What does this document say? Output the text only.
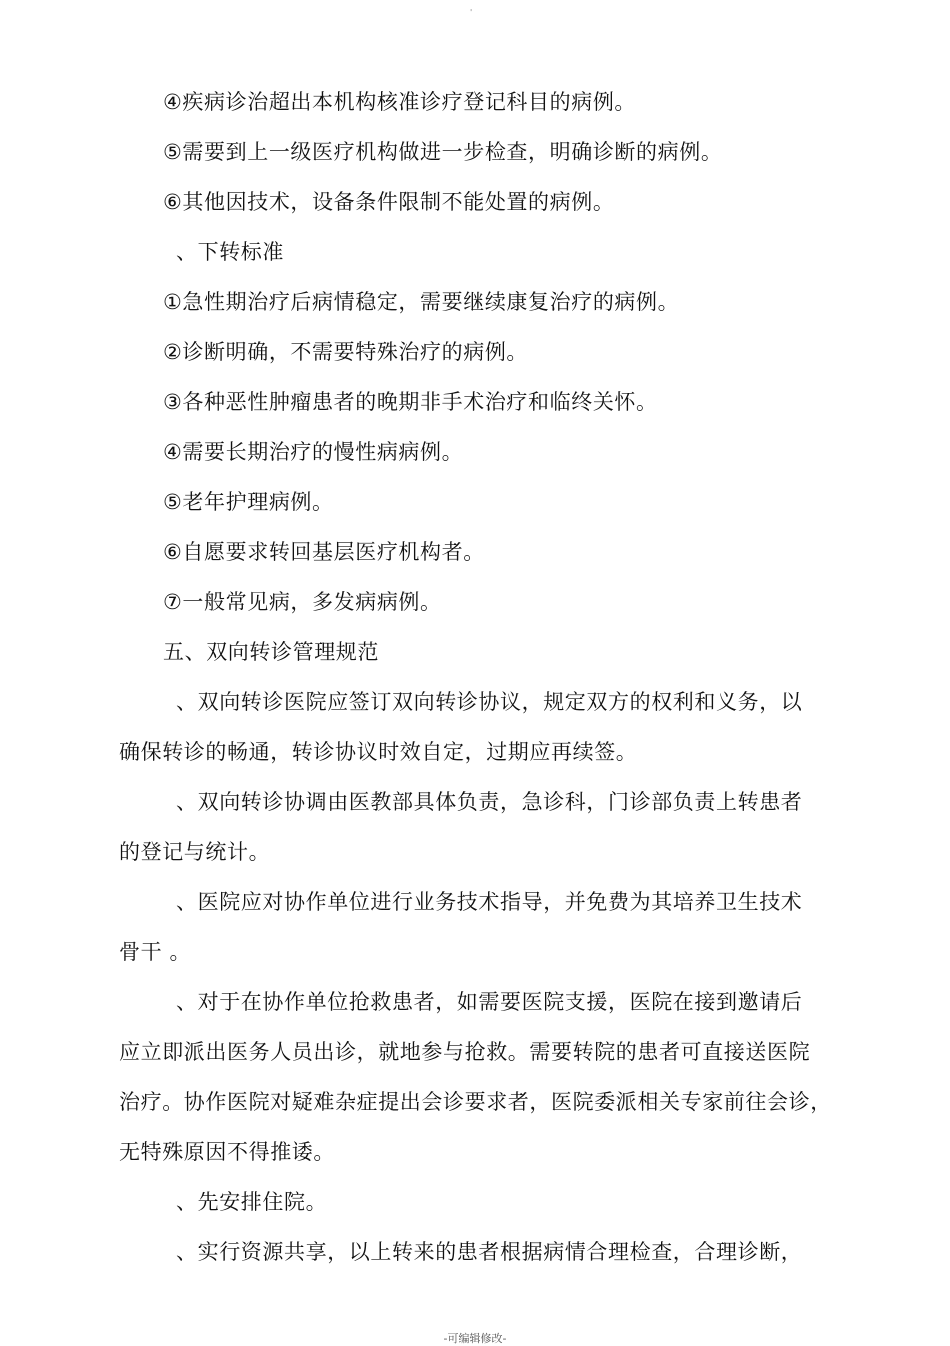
'
④疾病诊治超出本机构核准诊疗登记科目的病例。
⑤需要到上一级医疗机构做进一步检查，明确诊断的病例。
⑥其他因技术，设备条件限制不能处置的病例。
、下转标准
①急性期治疗后病情稳定，需要继续康复治疗的病例。
②诊断明确，不需要特殊治疗的病例。
③各种恶性肿瘤患者的晚期非手术治疗和临终关怀。
④需要长期治疗的慢性病病例。
⑤老年护理病例。
⑥自愿要求转回基层医疗机构者。
⑦一般常见病，多发病病例。
五、双向转诊管理规范
、双向转诊医院应签订双向转诊协议，规定双方的权利和义务，以
确保转诊的畅通，转诊协议时效自定，过期应再续签。
、双向转诊协调由医教部具体负责，急诊科，门诊部负责上转患者
的登记与统计。
、医院应对协作单位进行业务技术指导，并免费为其培养卫生技术
骨干 。
、对于在协作单位抢救患者，如需要医院支援，医院在接到邀请后
应立即派出医务人员出诊，就地参与抢救。需要转院的患者可直接送医院
治疗。协作医院对疑难杂症提出会诊要求者，医院委派相关专家前往会诊，
无特殊原因不得推诿。
、先安排住院。
、实行资源共享，以上转来的患者根据病情合理检查，合理诊断，
-可编辑修改-
